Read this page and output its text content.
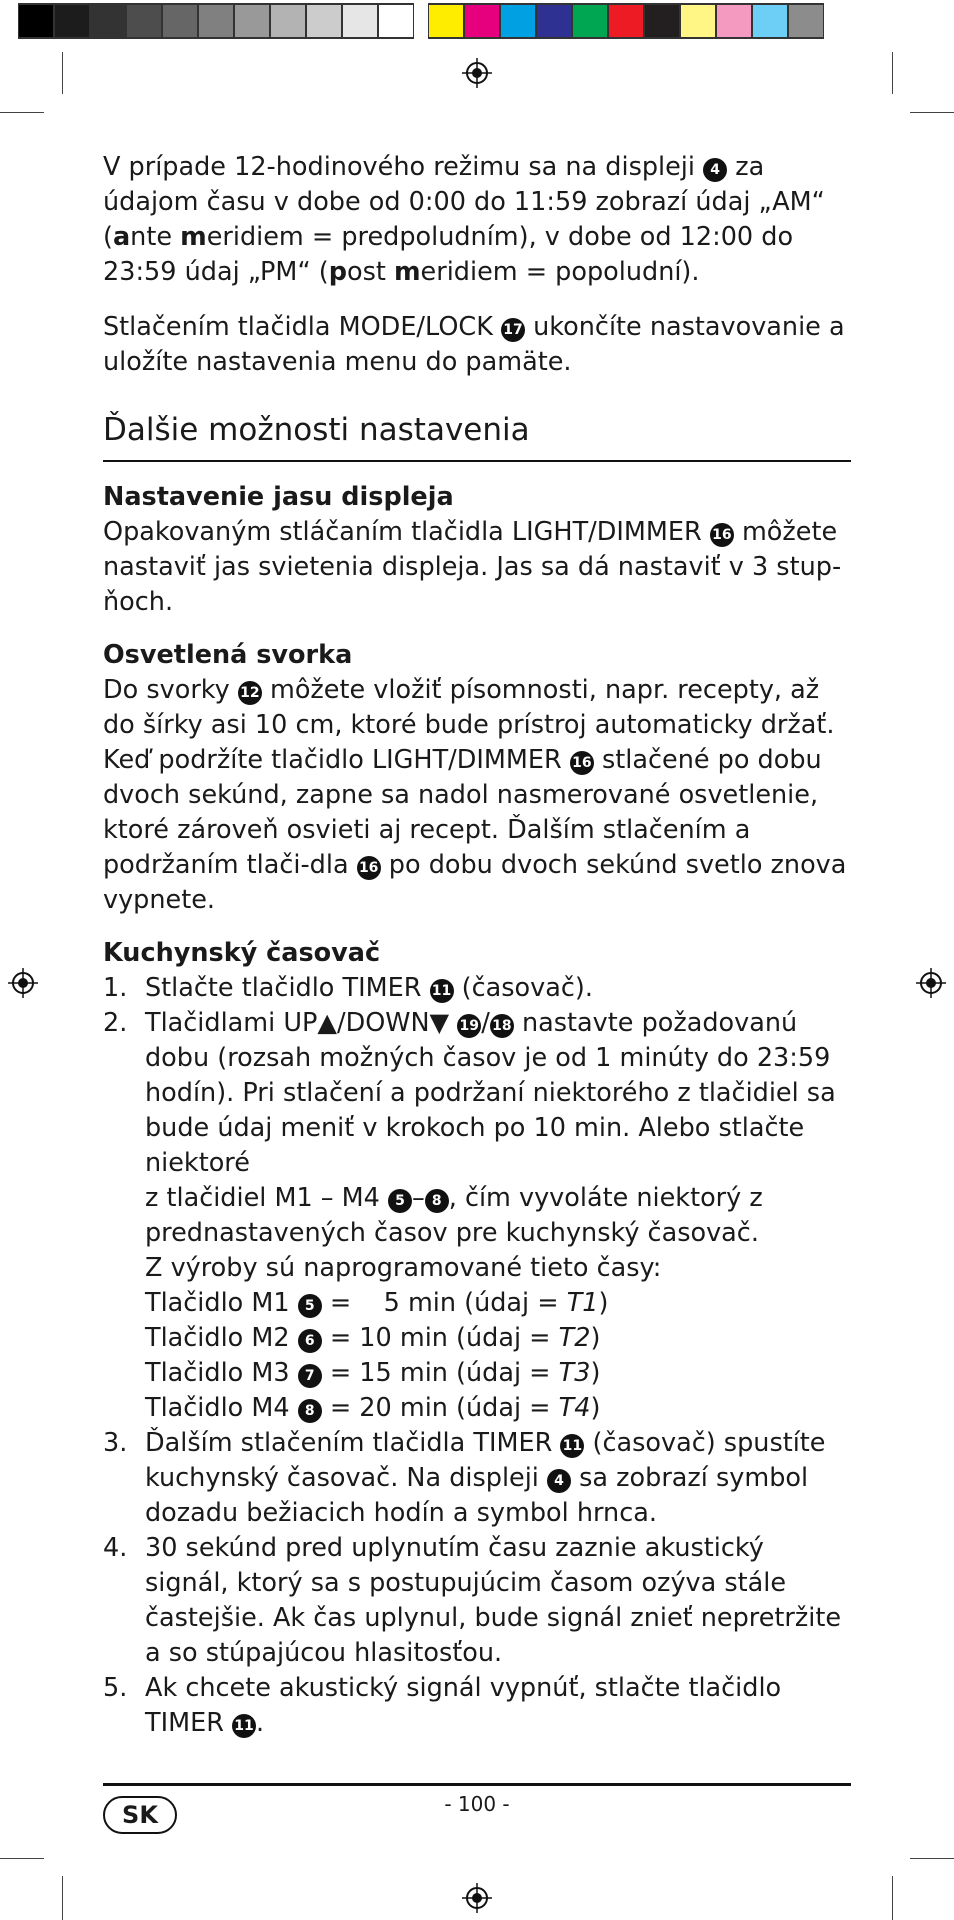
V prípade 12-hodinového režimu sa na displeji 4 za údajom času v dobe od 0:00 do 11:59 zobrazí údaj „AM“ (ante meridiem = predpoludním), v dobe od 12:00 do 23:59 údaj „PM“ (post meridiem = popoludní).

Stlačením tlačidla MODE/LOCK 17 ukončíte nastavovanie a uložíte nastavenia menu do pamäte.

Ďalšie možnosti nastavenia

Nastavenie jasu displeja

Opakovaným stláčaním tlačidla LIGHT/DIMMER 16 môžete nastaviť jas svietenia displeja. Jas sa dá nastaviť v 3 stup-ňoch.

Osvetlená svorka

Do svorky 12 môžete vložiť písomnosti, napr. recepty, až do šírky asi 10 cm, ktoré bude prístroj automaticky držať. Keď podržíte tlačidlo LIGHT/DIMMER 16 stlačené po dobu dvoch sekúnd, zapne sa nadol nasmerované osvetlenie, ktoré zároveň osvieti aj recept. Ďalším stlačením a podržaním tlači-dla 16 po dobu dvoch sekúnd svetlo znova vypnete.

Kuchynský časovač

1. Stlačte tlačidlo TIMER 11 (časovač).
2. Tlačidlami UP▲/DOWN▼ 19/ 18 nastavte požadovanú dobu (rozsah možných časov je od 1 minúty do 23:59 hodín). Pri stlačení a podržaní niektorého z tlačidiel sa bude údaj meniť v krokoch po 10 min. Alebo stlačte niektoré
z tlačidiel M1 – M4 5 – 8 , čím vyvoláte niektorý z prednastavených časov pre kuchynský časovač.
Z výroby sú naprogramované tieto časy:
Tlačidlo M1 5 =    5 min (údaj = T1)
Tlačidlo M2 6 = 10 min (údaj = T2)
Tlačidlo M3 7 = 15 min (údaj = T3)
Tlačidlo M4 8 = 20 min (údaj = T4)
3. Ďalším stlačením tlačidla TIMER 11 (časovač) spustíte kuchynský časovač. Na displeji 4 sa zobrazí symbol dozadu bežiacich hodín a symbol hrnca.
4. 30 sekúnd pred uplynutím času zaznie akustický signál, ktorý sa s postupujúcim časom ozýva stále častejšie. Ak čas uplynul, bude signál znieť nepretržite a so stúpajúcou hlasitosťou.
5. Ak chcete akustický signál vypnúť, stlačte tlačidlo TIMER 11.
SK	- 100 -
